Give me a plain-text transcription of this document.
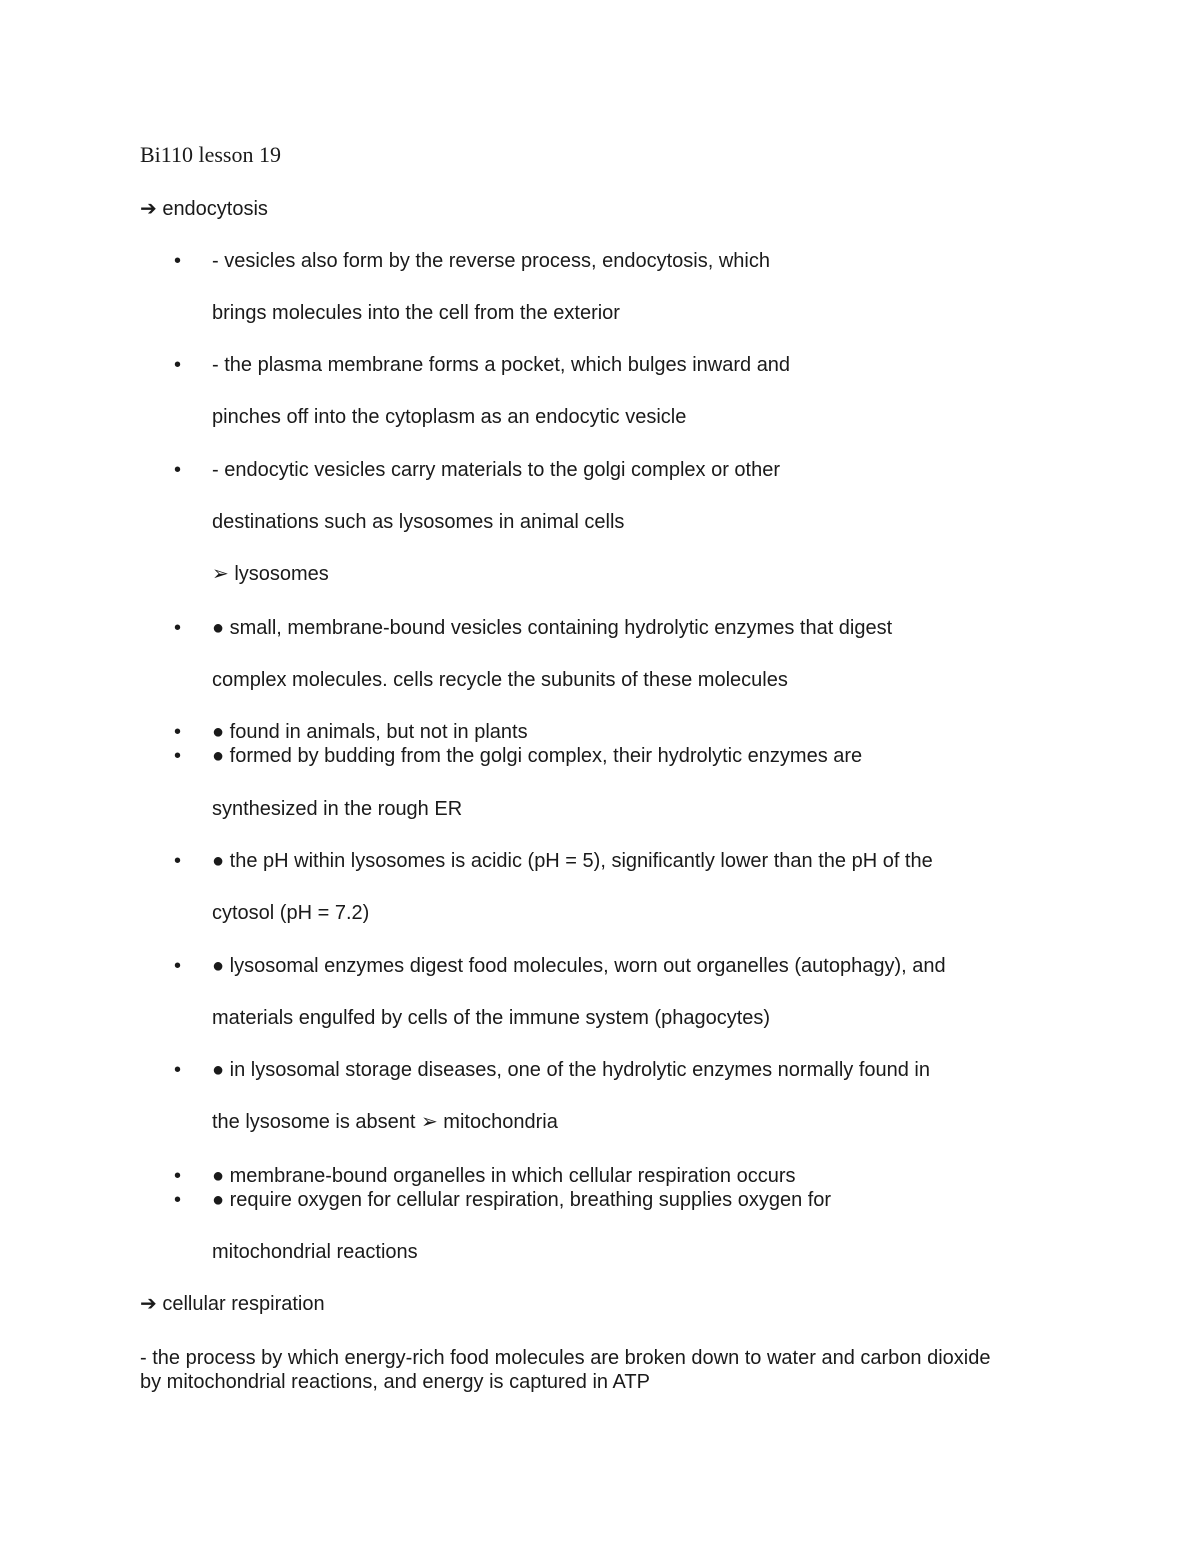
Bi110 lesson 19
➔ endocytosis
• - vesicles also form by the reverse process, endocytosis, which
brings molecules into the cell from the exterior
• - the plasma membrane forms a pocket, which bulges inward and
pinches off into the cytoplasm as an endocytic vesicle
• - endocytic vesicles carry materials to the golgi complex or other
destinations such as lysosomes in animal cells
➢ lysosomes
• ● small, membrane-bound vesicles containing hydrolytic enzymes that digest
complex molecules. cells recycle the subunits of these molecules
• ● found in animals, but not in plants
• ● formed by budding from the golgi complex, their hydrolytic enzymes are
synthesized in the rough ER
• ● the pH within lysosomes is acidic (pH = 5), significantly lower than the pH of the
cytosol (pH = 7.2)
• ● lysosomal enzymes digest food molecules, worn out organelles (autophagy), and
materials engulfed by cells of the immune system (phagocytes)
• ● in lysosomal storage diseases, one of the hydrolytic enzymes normally found in
the lysosome is absent ➢ mitochondria
• ● membrane-bound organelles in which cellular respiration occurs
• ● require oxygen for cellular respiration, breathing supplies oxygen for
mitochondrial reactions
➔ cellular respiration
- the process by which energy-rich food molecules are broken down to water and carbon dioxide
by mitochondrial reactions, and energy is captured in ATP
